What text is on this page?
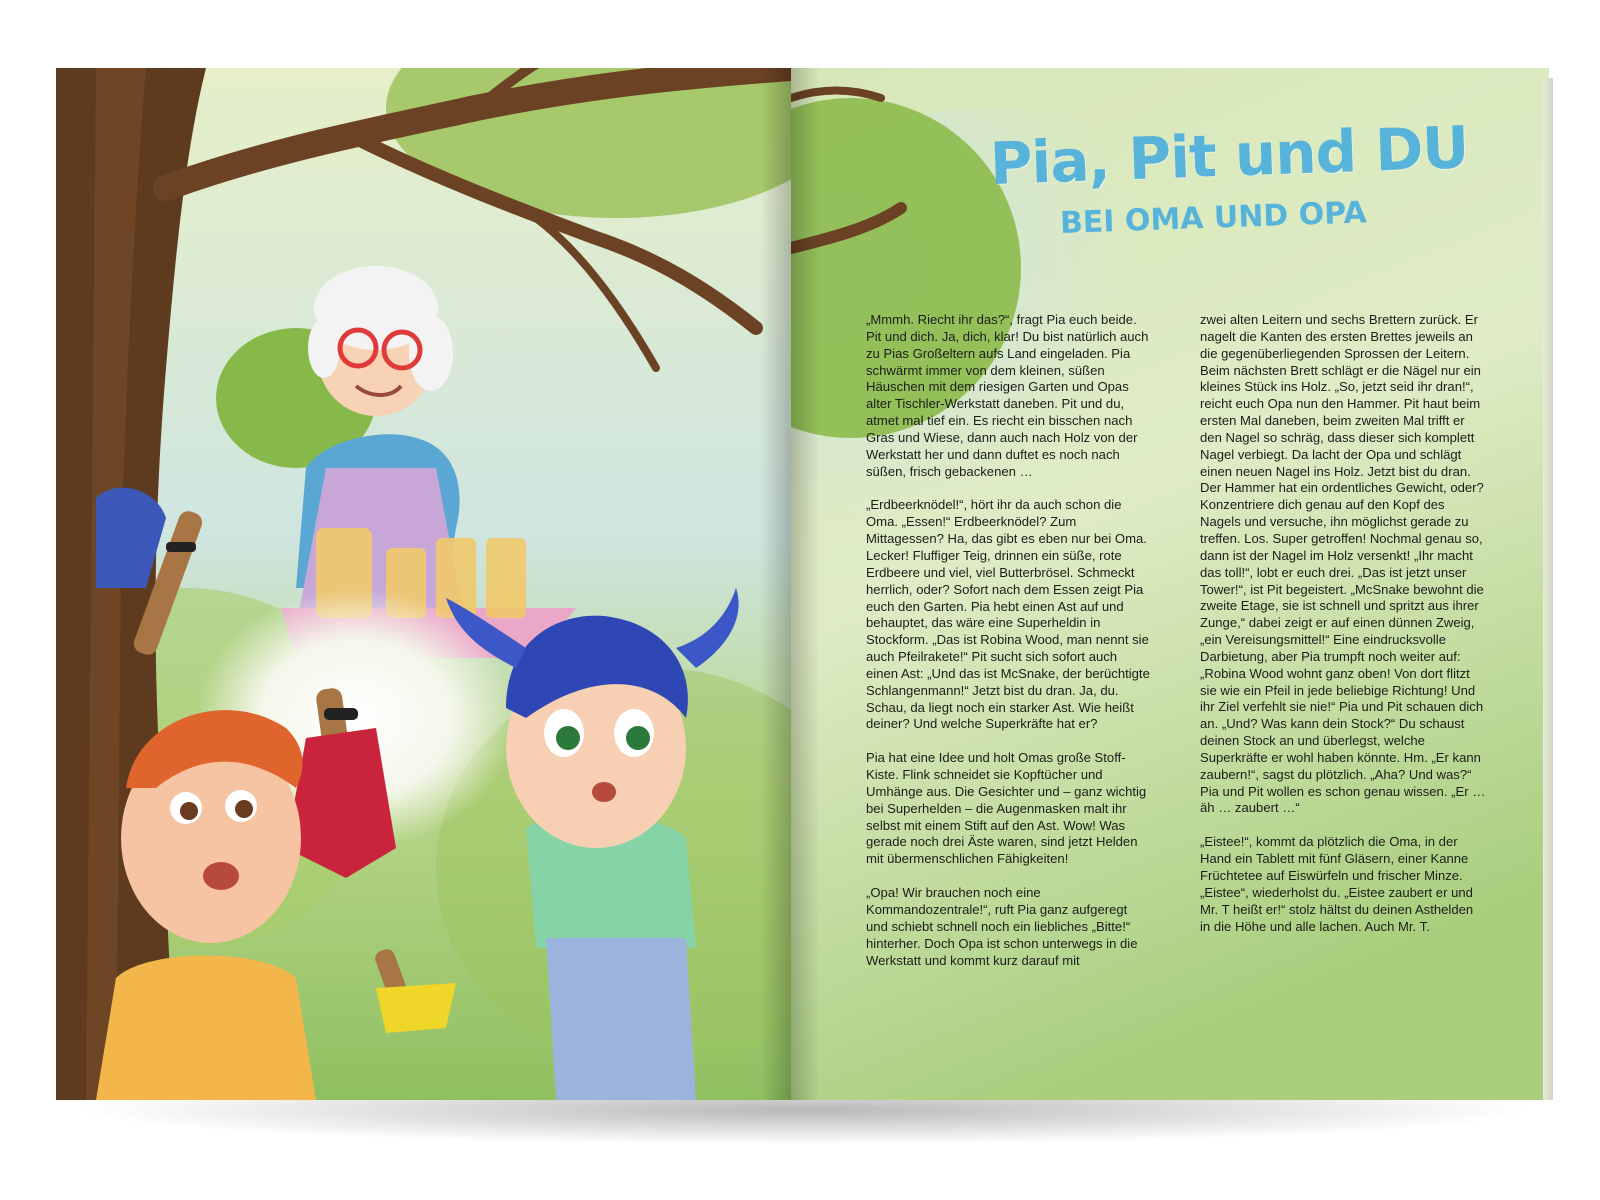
Pia, Pit und DU
BEI OMA UND OPA

„Mmmh. Riecht ihr das?“, fragt Pia euch beide. Pit und dich. Ja, dich, klar! Du bist natürlich auch zu Pias Großeltern aufs Land eingeladen. Pia schwärmt immer von dem kleinen, süßen Häuschen mit dem riesigen Garten und Opas alter Tischler-Werkstatt daneben. Pit und du, atmet mal tief ein. Es riecht ein bisschen nach Gras und Wiese, dann auch nach Holz von der Werkstatt her und dann duftet es noch nach süßen, frisch gebackenen …

„Erdbeerknödel!“, hört ihr da auch schon die Oma. „Essen!“ Erdbeerknödel? Zum Mittagessen? Ha, das gibt es eben nur bei Oma. Lecker! Fluffiger Teig, drinnen ein süße, rote Erdbeere und viel, viel Butterbrösel. Schmeckt herrlich, oder? Sofort nach dem Essen zeigt Pia euch den Garten. Pia hebt einen Ast auf und behauptet, das wäre eine Superheldin in Stockform. „Das ist Robina Wood, man nennt sie auch Pfeilrakete!“ Pit sucht sich sofort auch einen Ast: „Und das ist McSnake, der berüchtigte Schlangenmann!“ Jetzt bist du dran. Ja, du. Schau, da liegt noch ein starker Ast. Wie heißt deiner? Und welche Superkräfte hat er?

Pia hat eine Idee und holt Omas große Stoff-Kiste. Flink schneidet sie Kopftücher und Umhänge aus. Die Gesichter und – ganz wichtig bei Superhelden – die Augenmasken malt ihr selbst mit einem Stift auf den Ast. Wow! Was gerade noch drei Äste waren, sind jetzt Helden mit übermenschlichen Fähigkeiten!

„Opa! Wir brauchen noch eine Kommandozentrale!“, ruft Pia ganz aufgeregt und schiebt schnell noch ein liebliches „Bitte!“ hinterher. Doch Opa ist schon unterwegs in die Werkstatt und kommt kurz darauf mit

zwei alten Leitern und sechs Brettern zurück. Er nagelt die Kanten des ersten Brettes jeweils an die gegenüberliegenden Sprossen der Leitern. Beim nächsten Brett schlägt er die Nägel nur ein kleines Stück ins Holz. „So, jetzt seid ihr dran!“, reicht euch Opa nun den Hammer. Pit haut beim ersten Mal daneben, beim zweiten Mal trifft er den Nagel so schräg, dass dieser sich komplett Nagel verbiegt. Da lacht der Opa und schlägt einen neuen Nagel ins Holz. Jetzt bist du dran. Der Hammer hat ein ordentliches Gewicht, oder? Konzentriere dich genau auf den Kopf des Nagels und versuche, ihn möglichst gerade zu treffen. Los. Super getroffen! Nochmal genau so, dann ist der Nagel im Holz versenkt! „Ihr macht das toll!“, lobt er euch drei. „Das ist jetzt unser Tower!“, ist Pit begeistert. „McSnake bewohnt die zweite Etage, sie ist schnell und spritzt aus ihrer Zunge,“ dabei zeigt er auf einen dünnen Zweig, „ein Vereisungsmittel!“ Eine eindrucksvolle Darbietung, aber Pia trumpft noch weiter auf: „Robina Wood wohnt ganz oben! Von dort flitzt sie wie ein Pfeil in jede beliebige Richtung! Und ihr Ziel verfehlt sie nie!“ Pia und Pit schauen dich an. „Und? Was kann dein Stock?“ Du schaust deinen Stock an und überlegst, welche Superkräfte er wohl haben könnte. Hm. „Er kann zaubern!“, sagst du plötzlich. „Aha? Und was?“ Pia und Pit wollen es schon genau wissen. „Er … äh … zaubert …“

„Eistee!“, kommt da plötzlich die Oma, in der Hand ein Tablett mit fünf Gläsern, einer Kanne Früchtetee auf Eiswürfeln und frischer Minze. „Eistee“, wiederholst du. „Eistee zaubert er und Mr. T heißt er!“ stolz hältst du deinen Asthelden in die Höhe und alle lachen. Auch Mr. T.
